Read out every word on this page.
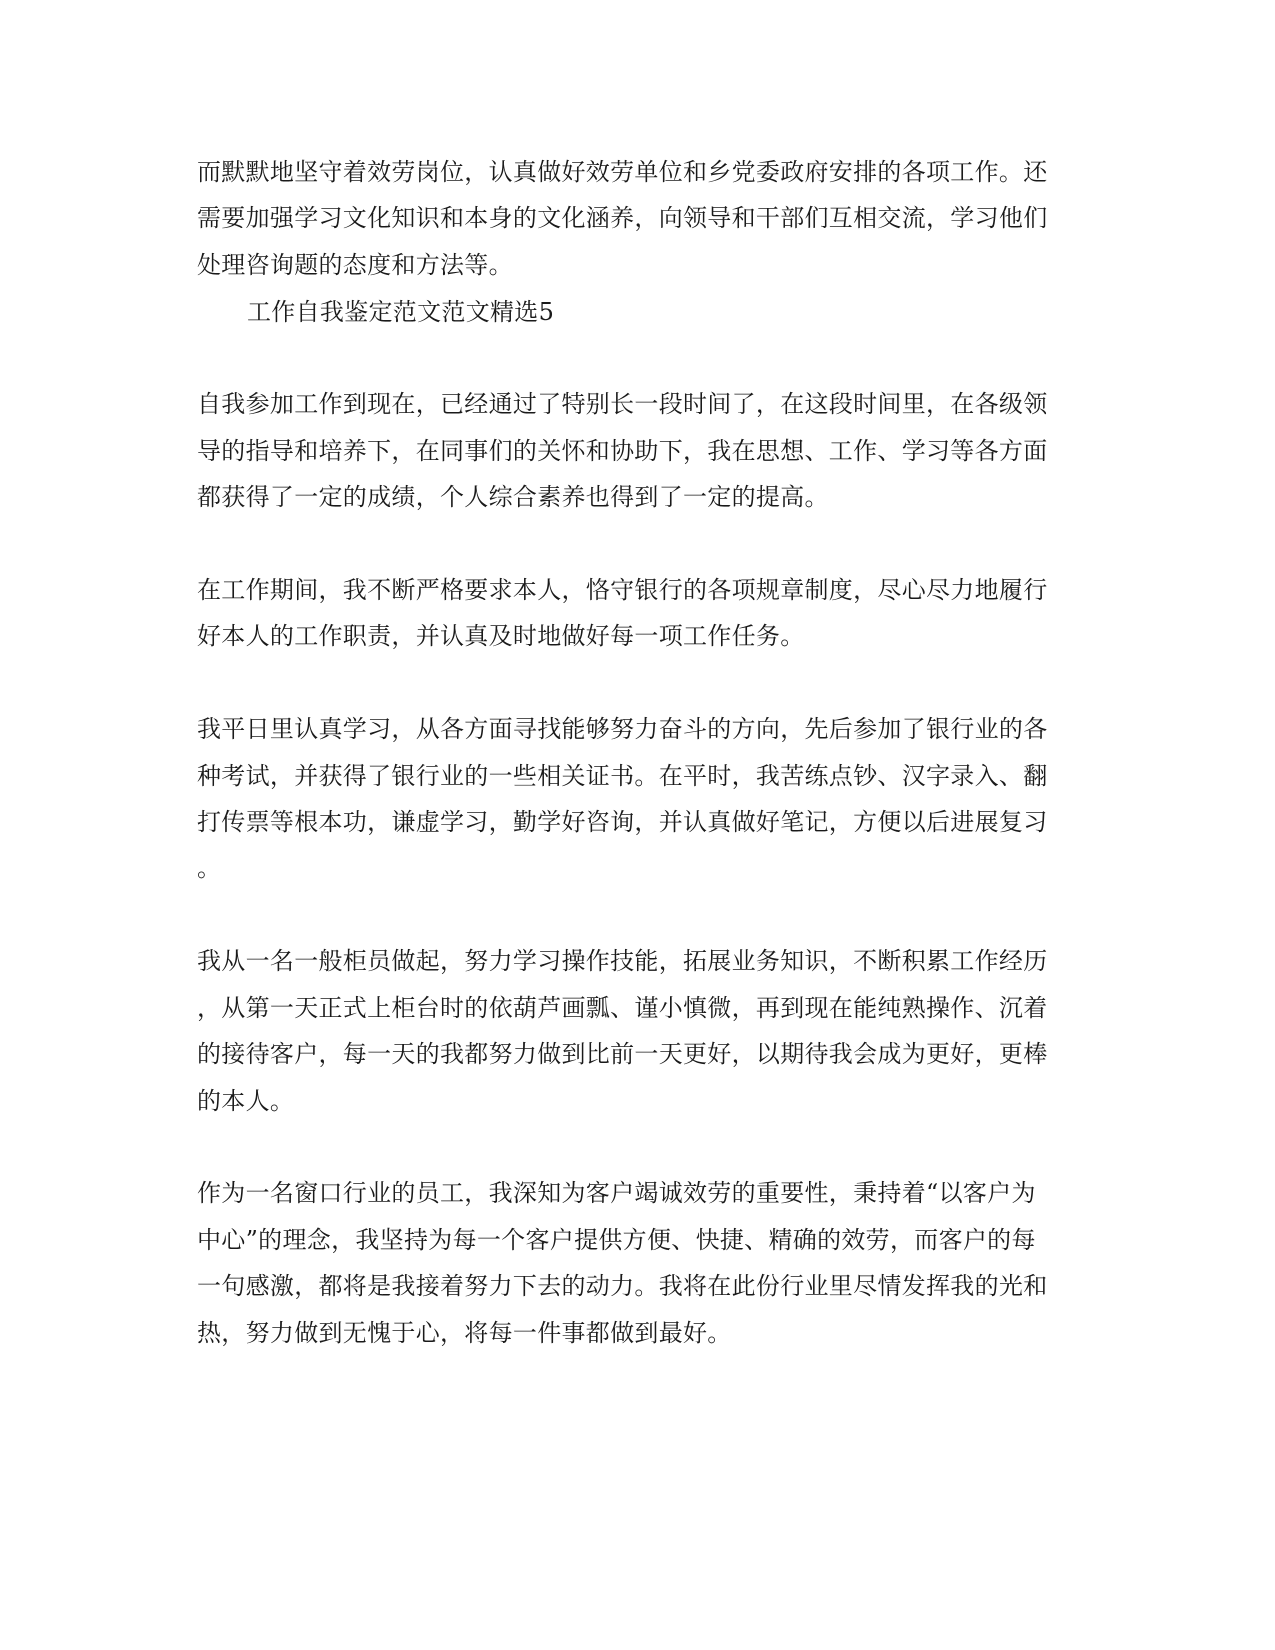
而默默地坚守着效劳岗位，认真做好效劳单位和乡党委政府安排的各项工作。还
需要加强学习文化知识和本身的文化涵养，向领导和干部们互相交流，学习他们
处理咨询题的态度和方法等。
工作自我鉴定范文范文精选5
自我参加工作到现在，已经通过了特别长一段时间了，在这段时间里，在各级领
导的指导和培养下，在同事们的关怀和协助下，我在思想、工作、学习等各方面
都获得了一定的成绩，个人综合素养也得到了一定的提高。
在工作期间，我不断严格要求本人，恪守银行的各项规章制度，尽心尽力地履行
好本人的工作职责，并认真及时地做好每一项工作任务。
我平日里认真学习，从各方面寻找能够努力奋斗的方向，先后参加了银行业的各
种考试，并获得了银行业的一些相关证书。在平时，我苦练点钞、汉字录入、翻
打传票等根本功，谦虚学习，勤学好咨询，并认真做好笔记，方便以后进展复习
。
我从一名一般柜员做起，努力学习操作技能，拓展业务知识，不断积累工作经历
，从第一天正式上柜台时的依葫芦画瓢、谨小慎微，再到现在能纯熟操作、沉着
的接待客户，每一天的我都努力做到比前一天更好，以期待我会成为更好，更棒
的本人。
作为一名窗口行业的员工，我深知为客户竭诚效劳的重要性，秉持着“以客户为
中心”的理念，我坚持为每一个客户提供方便、快捷、精确的效劳，而客户的每
一句感激，都将是我接着努力下去的动力。我将在此份行业里尽情发挥我的光和
热，努力做到无愧于心，将每一件事都做到最好。
